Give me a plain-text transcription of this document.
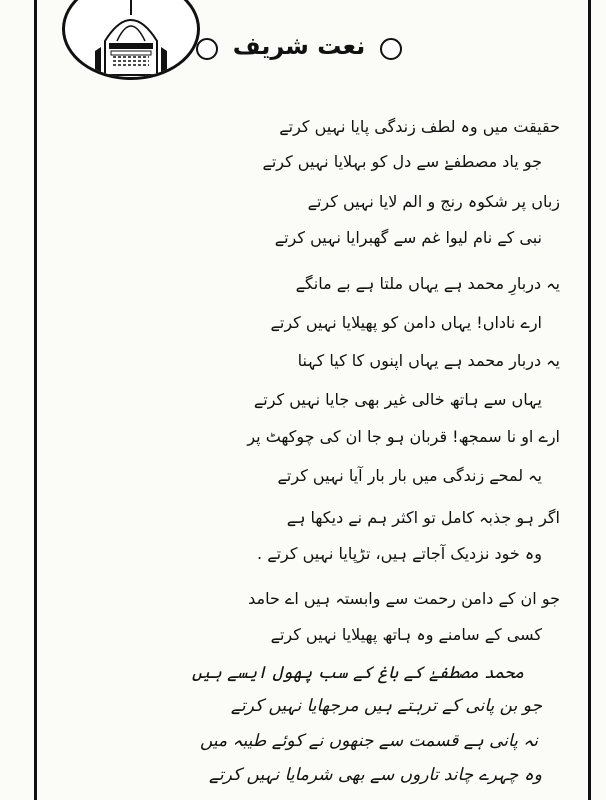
نعت شریف
حقیقت میں وہ لطف زندگی پایا نہیں کرتے
جو یاد مصطفےٰ سے دل کو بہلایا نہیں کرتے
زباں پر شکوہ رنج و الم لایا نہیں کرتے
نبی کے نام لیوا غم سے گھبرایا نہیں کرتے
یہ دربارِ محمد ہے یہاں ملتا ہے بے مانگے
ارے ناداں! یہاں دامن کو پھیلایا نہیں کرتے
یہ دربار محمد ہے یہاں اپنوں کا کیا کہنا
یہاں سے ہاتھ خالی غیر بھی جایا نہیں کرتے
ارے او نا سمجھ! قربان ہو جا ان کی چوکھٹ پر
یہ لمحے زندگی میں بار بار آیا نہیں کرتے
اگر ہو جذبہ کامل تو اکثر ہم نے دیکھا ہے
وہ خود نزدیک آجاتے ہیں، تڑپایا نہیں کرتے .
جو ان کے دامن رحمت سے وابستہ ہیں اے حامد
کسی کے سامنے وہ ہاتھ پھیلایا نہیں کرتے
محمد مصطفےٰ کے باغ کے سب پھول ایسے ہیں
جو بن پانی کے ترہتے ہیں مرجھایا نہیں کرتے
نہ پانی ہے قسمت سے جنھوں نے کوئے طیبہ میں
وہ چہرے چاند تاروں سے بھی شرمایا نہیں کرتے
